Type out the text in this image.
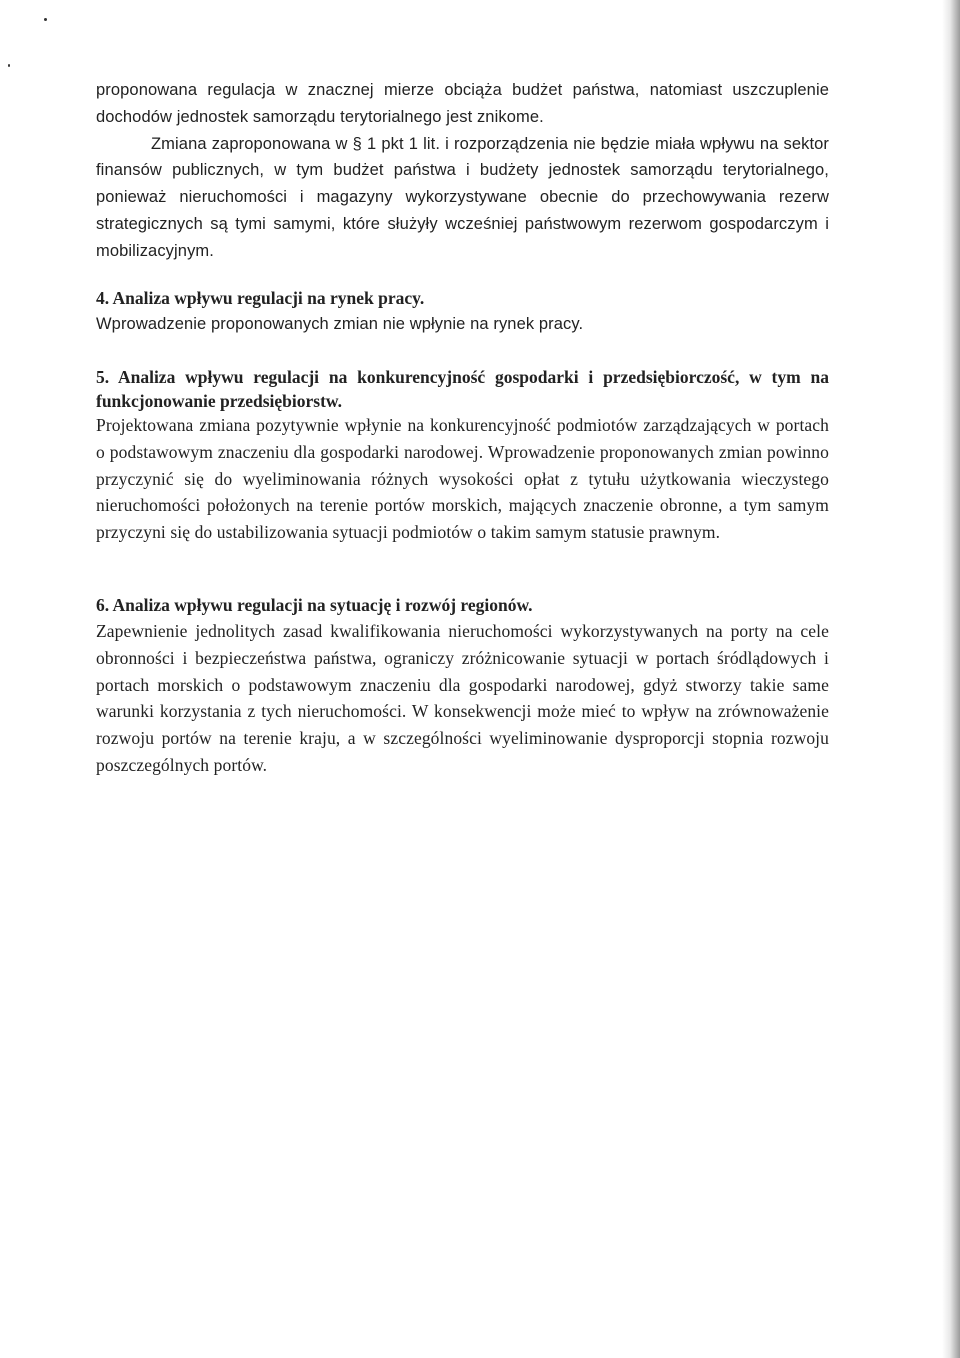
proponowana regulacja w znacznej mierze obciąża budżet państwa, natomiast uszczuplenie dochodów jednostek samorządu terytorialnego jest znikome.

Zmiana zaproponowana w § 1 pkt 1 lit. i rozporządzenia nie będzie miała wpływu na sektor finansów publicznych, w tym budżet państwa i budżety jednostek samorządu terytorialnego, ponieważ nieruchomości i magazyny wykorzystywane obecnie do przechowywania rezerw strategicznych są tymi samymi, które służyły wcześniej państwowym rezerwom gospodarczym i mobilizacyjnym.

4. Analiza wpływu regulacji na rynek pracy.

Wprowadzenie proponowanych zmian nie wpłynie na rynek pracy.

5. Analiza wpływu regulacji na konkurencyjność gospodarki i przedsiębiorczość, w tym na funkcjonowanie przedsiębiorstw.

Projektowana zmiana pozytywnie wpłynie na konkurencyjność podmiotów zarządzających w portach o podstawowym znaczeniu dla gospodarki narodowej. Wprowadzenie proponowanych zmian powinno przyczynić się do wyeliminowania różnych wysokości opłat z tytułu użytkowania wieczystego nieruchomości położonych na terenie portów morskich, mających znaczenie obronne, a tym samym przyczyni się do ustabilizowania sytuacji podmiotów o takim samym statusie prawnym.

6. Analiza wpływu regulacji na sytuację i rozwój regionów.

Zapewnienie jednolitych zasad kwalifikowania nieruchomości wykorzystywanych na porty na cele obronności i bezpieczeństwa państwa, ograniczy zróżnicowanie sytuacji w portach śródlądowych i portach morskich o podstawowym znaczeniu dla gospodarki narodowej, gdyż stworzy takie same warunki korzystania z tych nieruchomości. W konsekwencji może mieć to wpływ na zrównoważenie rozwoju portów na terenie kraju, a w szczególności wyeliminowanie dysproporcji stopnia rozwoju poszczególnych portów.
